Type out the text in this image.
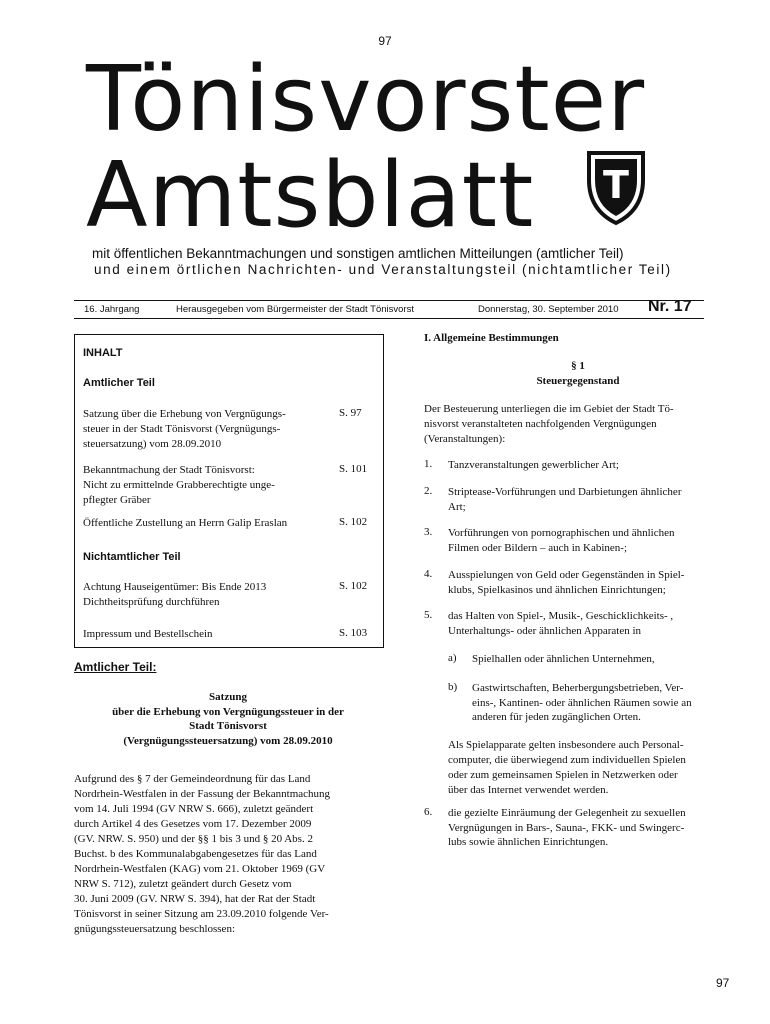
97
Tönisvorster
Amtsblatt T
mit öffentlichen Bekanntmachungen und sonstigen amtlichen Mitteilungen (amtlicher Teil)
und einem örtlichen Nachrichten- und Veranstaltungsteil (nichtamtlicher Teil)
16. Jahrgang	Herausgegeben vom Bürgermeister der Stadt Tönisvorst	Donnerstag, 30. September 2010 Nr. 17
INHALT
Amtlicher Teil
Satzung über die Erhebung von Vergnügungs-
steuer in der Stadt Tönisvorst (Vergnügungs-
steuersatzung) vom 28.09.2010
S. 97
Bekanntmachung der Stadt Tönisvorst:
Nicht zu ermittelnde Grabberechtigte unge-
pflegter Gräber
S. 101
Öffentliche Zustellung an Herrn Galip Eraslan	S. 102
Nichtamtlicher Teil
Achtung Hauseigentümer: Bis Ende 2013
Dichtheitsprüfung durchführen
S. 102
Impressum und Bestellschein	S. 103
Amtlicher Teil:
Satzung
über die Erhebung von Vergnügungssteuer in der
Stadt Tönisvorst
(Vergnügungssteuersatzung) vom 28.09.2010
Aufgrund des § 7 der Gemeindeordnung für das Land
Nordrhein-Westfalen in der Fassung der Bekanntmachung
vom 14. Juli 1994 (GV NRW S. 666), zuletzt geändert
durch Artikel 4 des Gesetzes vom 17. Dezember 2009
(GV. NRW. S. 950) und der §§ 1 bis 3 und § 20 Abs. 2
Buchst. b des Kommunalabgabengesetzes für das Land
Nordrhein-Westfalen (KAG) vom 21. Oktober 1969 (GV
NRW S. 712), zuletzt geändert durch Gesetz vom
30. Juni 2009 (GV. NRW S. 394), hat der Rat der Stadt
Tönisvorst in seiner Sitzung am 23.09.2010 folgende Ver-
gnügungssteuersatzung beschlossen:
I. Allgemeine Bestimmungen
§ 1
Steuergegenstand
Der Besteuerung unterliegen die im Gebiet der Stadt Tö-
nisvorst veranstalteten nachfolgenden Vergnügungen
(Veranstaltungen):
1.	Tanzveranstaltungen gewerblicher Art;
2.	Striptease-Vorführungen und Darbietungen ähnlicher
Art;
3.	Vorführungen von pornographischen und ähnlichen
Filmen oder Bildern – auch in Kabinen-;
4.	Ausspielungen von Geld oder Gegenständen in Spiel-
klubs, Spielkasinos und ähnlichen Einrichtungen;
5.	das Halten von Spiel-, Musik-, Geschicklichkeits- ,
Unterhaltungs- oder ähnlichen Apparaten in
a)	Spielhallen oder ähnlichen Unternehmen,
b)	Gastwirtschaften, Beherbergungsbetrieben, Ver-
eins-, Kantinen- oder ähnlichen Räumen sowie an
anderen für jeden zugänglichen Orten.
Als Spielapparate gelten insbesondere auch Personal-
computer, die überwiegend zum individuellen Spielen
oder zum gemeinsamen Spielen in Netzwerken oder
über das Internet verwendet werden.
6.	die gezielte Einräumung der Gelegenheit zu sexuellen
Vergnügungen in Bars-, Sauna-, FKK- und Swingerc-
lubs sowie ähnlichen Einrichtungen.
97
